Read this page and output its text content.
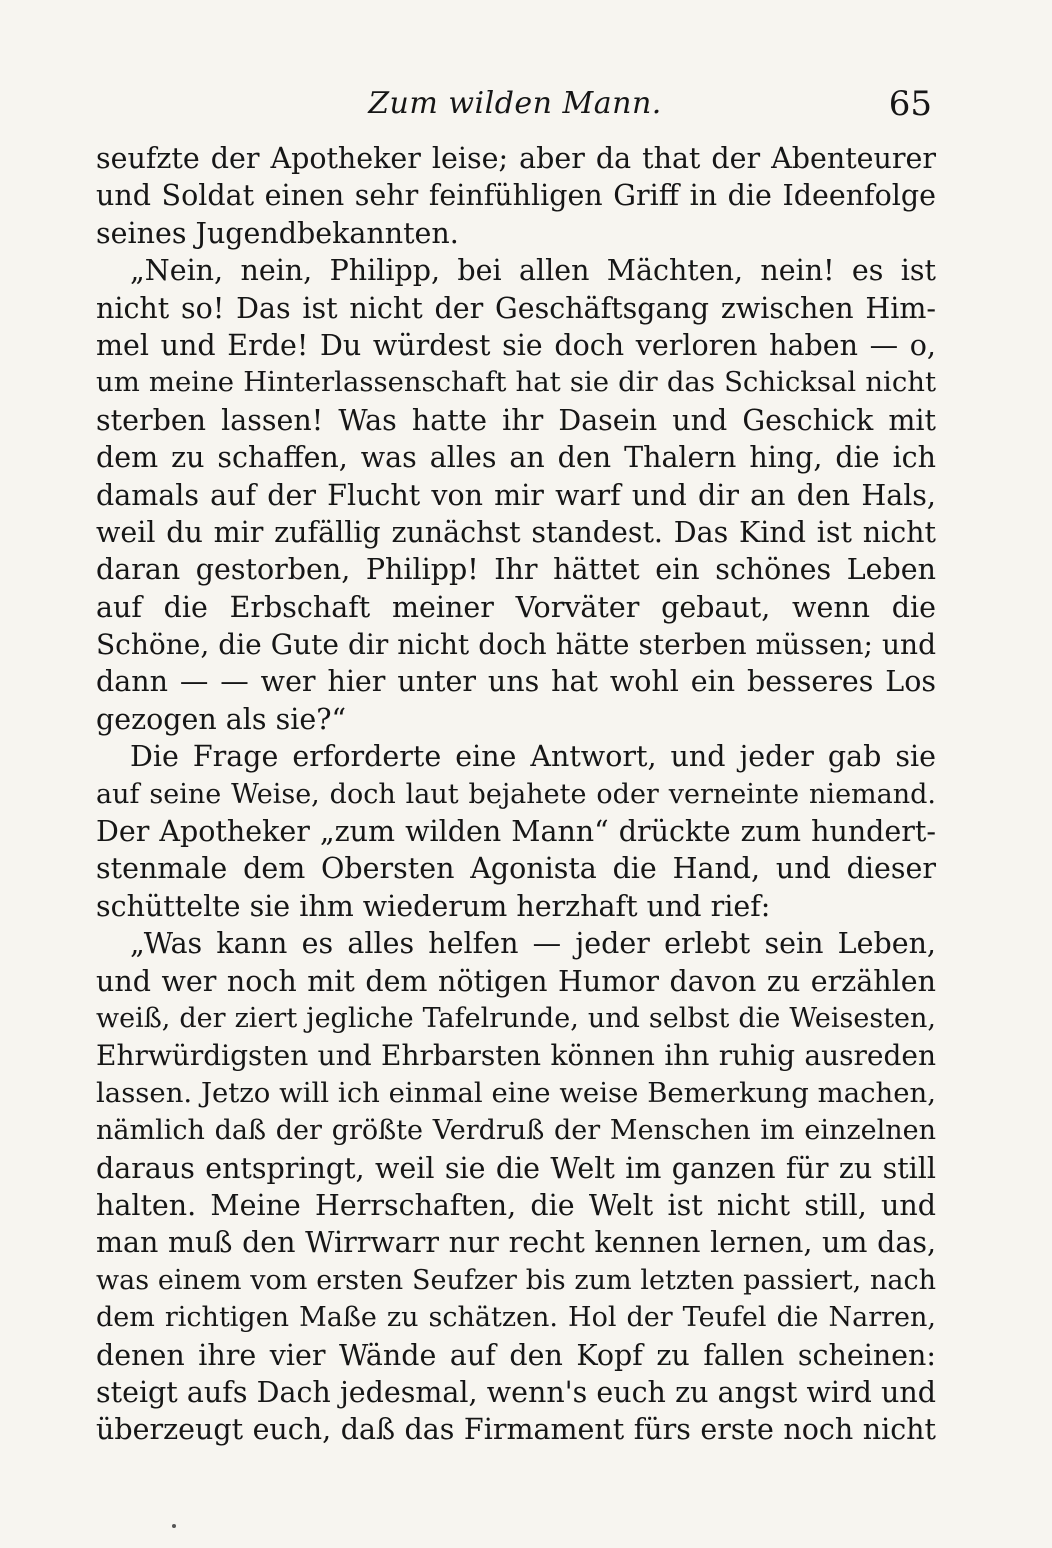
Zum wilden Mann.	65
seufzte der Apotheker leise; aber da that der Abenteurer
und Soldat einen sehr feinfühligen Griff in die Ideenfolge
seines Jugendbekannten.
„Nein, nein, Philipp, bei allen Mächten, nein! es ist
nicht so! Das ist nicht der Geschäftsgang zwischen Him-
mel und Erde! Du würdest sie doch verloren haben — o,
um meine Hinterlassenschaft hat sie dir das Schicksal nicht
sterben lassen! Was hatte ihr Dasein und Geschick mit
dem zu schaffen, was alles an den Thalern hing, die ich
damals auf der Flucht von mir warf und dir an den Hals,
weil du mir zufällig zunächst standest. Das Kind ist nicht
daran gestorben, Philipp! Ihr hättet ein schönes Leben
auf die Erbschaft meiner Vorväter gebaut, wenn die
Schöne, die Gute dir nicht doch hätte sterben müssen; und
dann — — wer hier unter uns hat wohl ein besseres Los
gezogen als sie?“
Die Frage erforderte eine Antwort, und jeder gab sie
auf seine Weise, doch laut bejahete oder verneinte niemand.
Der Apotheker „zum wilden Mann“ drückte zum hundert-
stenmale dem Obersten Agonista die Hand, und dieser
schüttelte sie ihm wiederum herzhaft und rief:
„Was kann es alles helfen — jeder erlebt sein Leben,
und wer noch mit dem nötigen Humor davon zu erzählen
weiß, der ziert jegliche Tafelrunde, und selbst die Weisesten,
Ehrwürdigsten und Ehrbarsten können ihn ruhig ausreden
lassen. Jetzo will ich einmal eine weise Bemerkung machen,
nämlich daß der größte Verdruß der Menschen im einzelnen
daraus entspringt, weil sie die Welt im ganzen für zu still
halten. Meine Herrschaften, die Welt ist nicht still, und
man muß den Wirrwarr nur recht kennen lernen, um das,
was einem vom ersten Seufzer bis zum letzten passiert, nach
dem richtigen Maße zu schätzen. Hol der Teufel die Narren,
denen ihre vier Wände auf den Kopf zu fallen scheinen:
steigt aufs Dach jedesmal, wenn's euch zu angst wird und
überzeugt euch, daß das Firmament fürs erste noch nicht
